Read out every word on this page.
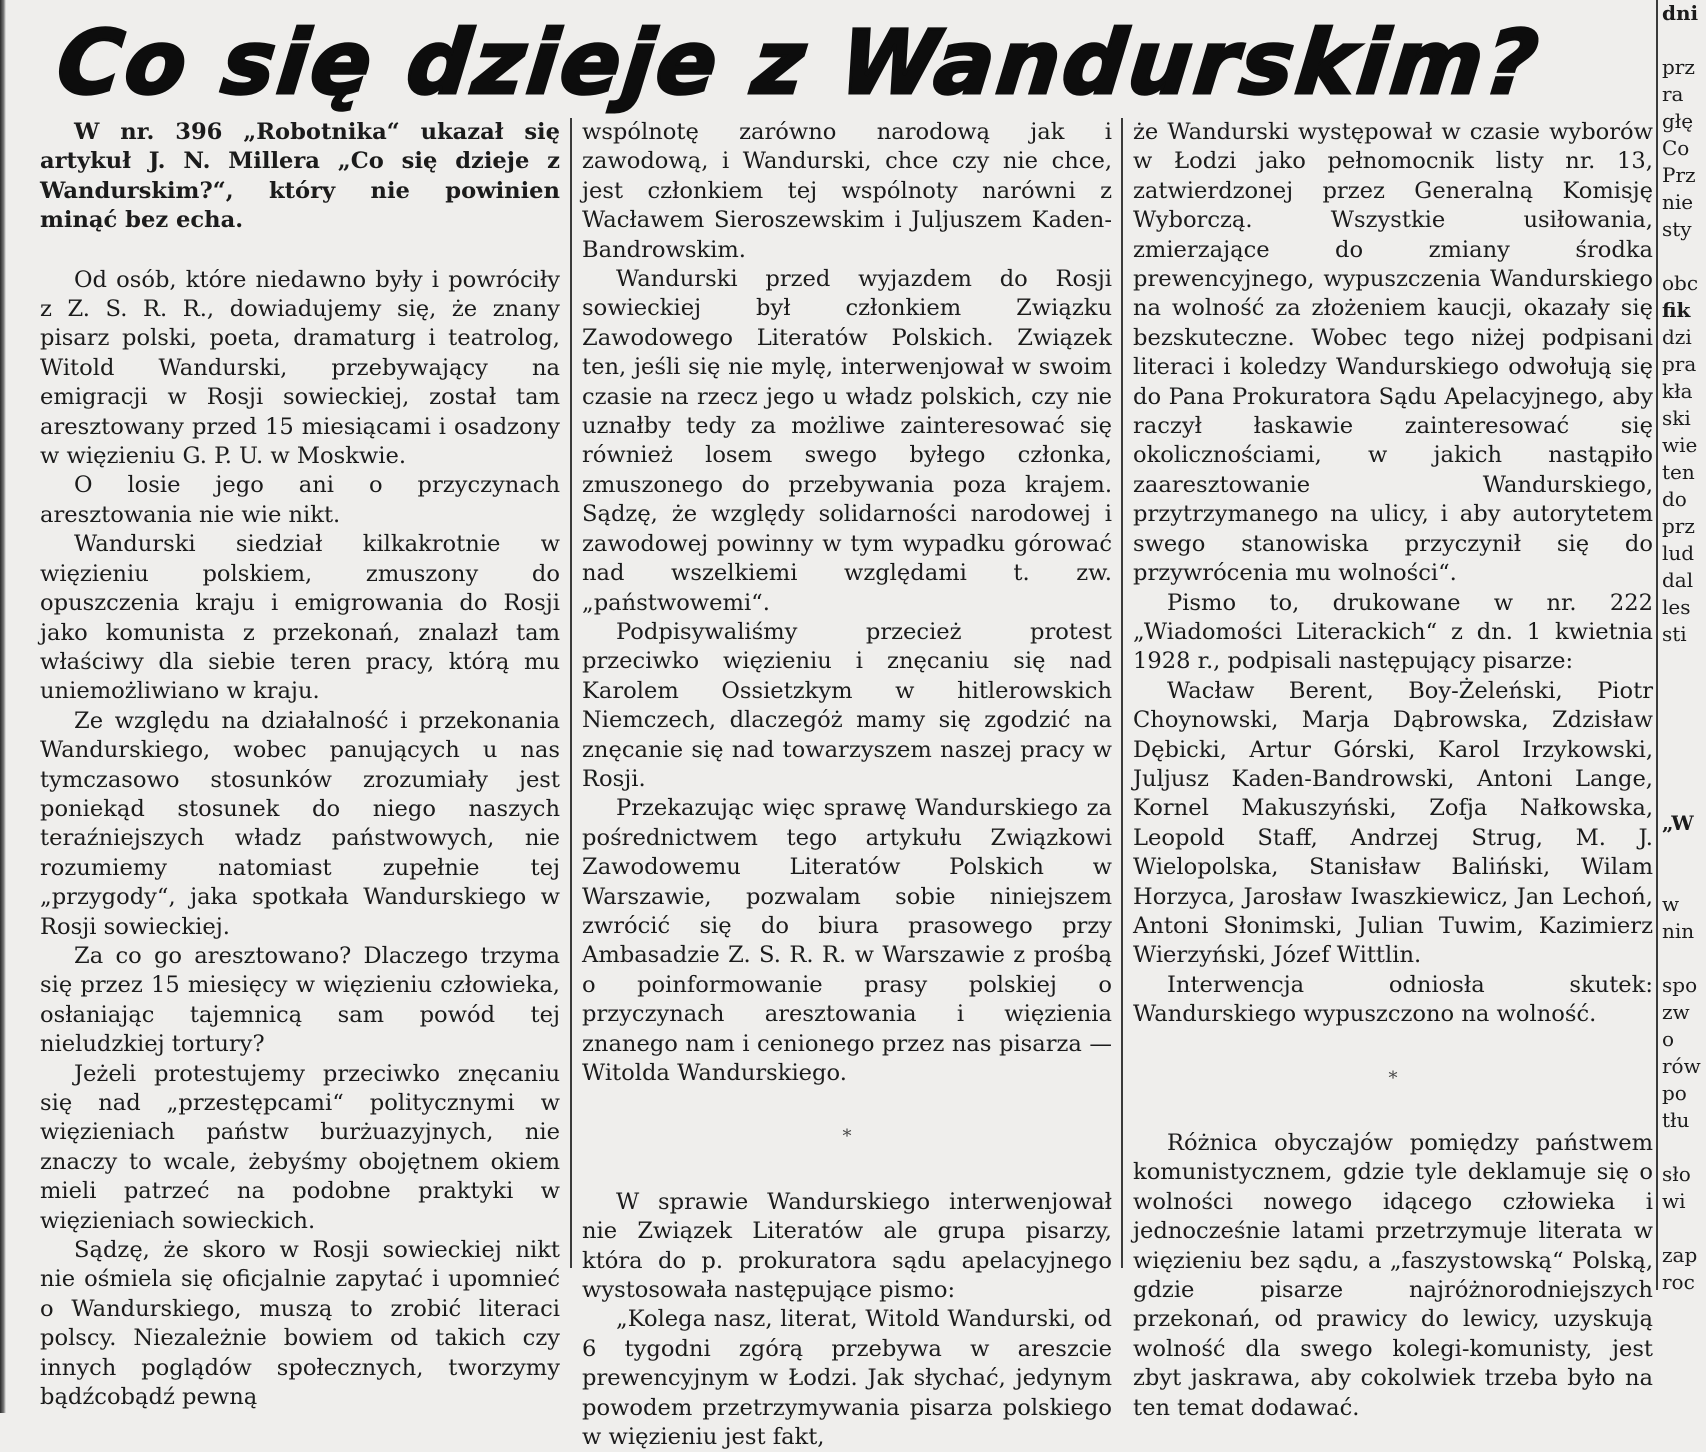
Co się dzieje z Wandurskim?

W nr. 396 „Robotnika“ ukazał się artykuł J. N. Millera „Co się dzieje z Wandurskim?“, który nie powinien minąć bez echa.

Od osób, które niedawno były i powróciły z Z. S. R. R., dowiadujemy się, że znany pisarz polski, poeta, dramaturg i teatrolog, Witold Wandurski, przebywający na emigracji w Rosji sowieckiej, został tam aresztowany przed 15 miesiącami i osadzony w więzieniu G. P. U. w Moskwie.

O losie jego ani o przyczynach aresztowania nie wie nikt.

Wandurski siedział kilkakrotnie w więzieniu polskiem, zmuszony do opuszczenia kraju i emigrowania do Rosji jako komunista z przekonań, znalazł tam właściwy dla siebie teren pracy, którą mu uniemożliwiano w kraju.

Ze względu na działalność i przekonania Wandurskiego, wobec panujących u nas tymczasowo stosunków zrozumiały jest poniekąd stosunek do niego naszych teraźniejszych władz państwowych, nie rozumiemy natomiast zupełnie tej „przygody“, jaka spotkała Wandurskiego w Rosji sowieckiej.

Za co go aresztowano? Dlaczego trzyma się przez 15 miesięcy w więzieniu człowieka, osłaniając tajemnicą sam powód tej nieludzkiej tortury?

Jeżeli protestujemy przeciwko znęcaniu się nad „przestępcami“ politycznymi w więzieniach państw burżuazyjnych, nie znaczy to wcale, żebyśmy obojętnem okiem mieli patrzeć na podobne praktyki w więzieniach sowieckich.

Sądzę, że skoro w Rosji sowieckiej nikt nie ośmiela się oficjalnie zapytać i upomnieć o Wandurskiego, muszą to zrobić literaci polscy. Niezależnie bowiem od takich czy innych poglądów społecznych, tworzymy bądźcobądź pewną

wspólnotę zarówno narodową jak i zawodową, i Wandurski, chce czy nie chce, jest członkiem tej wspólnoty narówni z Wacławem Sieroszewskim i Juljuszem Kaden-Bandrowskim.

Wandurski przed wyjazdem do Rosji sowieckiej był członkiem Związku Zawodowego Literatów Polskich. Związek ten, jeśli się nie mylę, interwenjował w swoim czasie na rzecz jego u władz polskich, czy nie uznałby tedy za możliwe zainteresować się również losem swego byłego członka, zmuszonego do przebywania poza krajem. Sądzę, że względy solidarności narodowej i zawodowej powinny w tym wypadku górować nad wszelkiemi względami t. zw. „państwowemi“.

Podpisywaliśmy przecież protest przeciwko więzieniu i znęcaniu się nad Karolem Ossietzkym w hitlerowskich Niemczech, dlaczegóż mamy się zgodzić na znęcanie się nad towarzyszem naszej pracy w Rosji.

Przekazując więc sprawę Wandurskiego za pośrednictwem tego artykułu Związkowi Zawodowemu Literatów Polskich w Warszawie, pozwalam sobie niniejszem zwrócić się do biura prasowego przy Ambasadzie Z. S. R. R. w Warszawie z prośbą o poinformowanie prasy polskiej o przyczynach aresztowania i więzienia znanego nam i cenionego przez nas pisarza — Witolda Wandurskiego.

*

W sprawie Wandurskiego interwenjował nie Związek Literatów ale grupa pisarzy, która do p. prokuratora sądu apelacyjnego wystosowała następujące pismo:

„Kolega nasz, literat, Witold Wandurski, od 6 tygodni zgórą przebywa w areszcie prewencyjnym w Łodzi. Jak słychać, jedynym powodem przetrzymywania pisarza polskiego w więzieniu jest fakt,

że Wandurski występował w czasie wyborów w Łodzi jako pełnomocnik listy nr. 13, zatwierdzonej przez Generalną Komisję Wyborczą. Wszystkie usiłowania, zmierzające do zmiany środka prewencyjnego, wypuszczenia Wandurskiego na wolność za złożeniem kaucji, okazały się bezskuteczne. Wobec tego niżej podpisani literaci i koledzy Wandurskiego odwołują się do Pana Prokuratora Sądu Apelacyjnego, aby raczył łaskawie zainteresować się okolicznościami, w jakich nastąpiło zaaresztowanie Wandurskiego, przytrzymanego na ulicy, i aby autorytetem swego stanowiska przyczynił się do przywrócenia mu wolności“.

Pismo to, drukowane w nr. 222 „Wiadomości Literackich“ z dn. 1 kwietnia 1928 r., podpisali następujący pisarze:

Wacław Berent, Boy-Żeleński, Piotr Choynowski, Marja Dąbrowska, Zdzisław Dębicki, Artur Górski, Karol Irzykowski, Juljusz Kaden-Bandrowski, Antoni Lange, Kornel Makuszyński, Zofja Nałkowska, Leopold Staff, Andrzej Strug, M. J. Wielopolska, Stanisław Baliński, Wilam Horzyca, Jarosław Iwaszkiewicz, Jan Lechoń, Antoni Słonimski, Julian Tuwim, Kazimierz Wierzyński, Józef Wittlin.

Interwencja odniosła skutek: Wandurskiego wypuszczono na wolność.

*

Różnica obyczajów pomiędzy państwem komunistycznem, gdzie tyle deklamuje się o wolności nowego idącego człowieka i jednocześnie latami przetrzymuje literata w więzieniu bez sądu, a „faszystowską“ Polską, gdzie pisarze najróżnorodniejszych przekonań, od prawicy do lewicy, uzyskują wolność dla swego kolegi-komunisty, jest zbyt jaskrawa, aby cokolwiek trzeba było na ten temat dodawać.

dni

prz

ra

głę

Co

Prz

nie

sty

obc

fik

dzi

pra

kła

ski

wie

ten

do

prz

lud

dal

les

sti

„W

w

nin

spo

zw

o

rów

po

tłu

sło

wi

zap

roc
